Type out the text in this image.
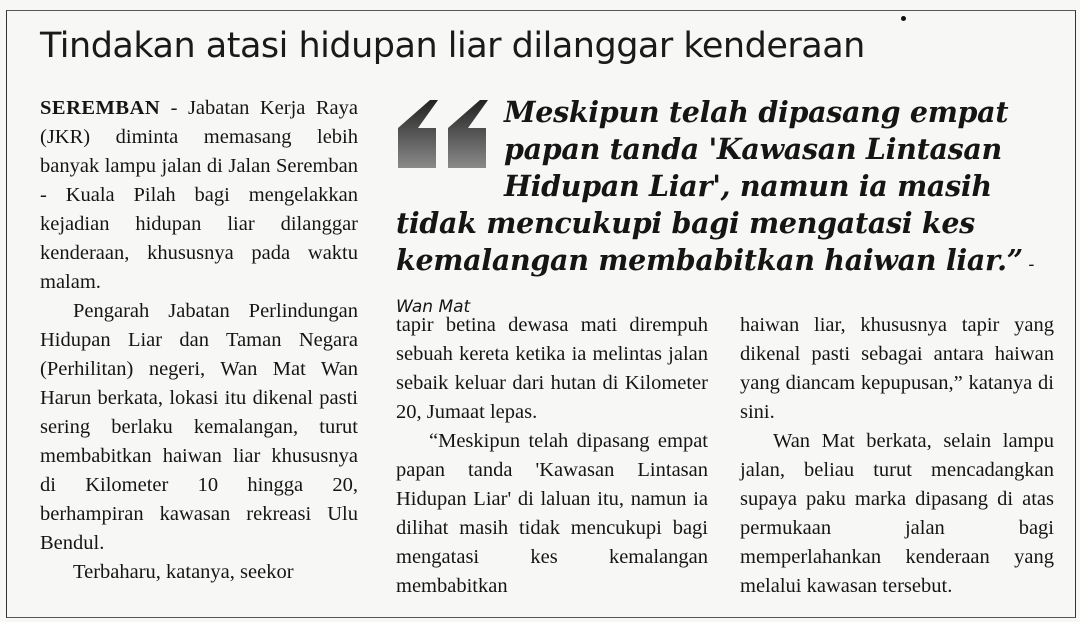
Tindakan atasi hidupan liar dilanggar kenderaan

SEREMBAN - Jabatan Kerja Raya (JKR) diminta memasang lebih banyak lampu jalan di Jalan Seremban - Kuala Pilah bagi mengelakkan kejadian hidupan liar dilanggar kenderaan, khususnya pada waktu malam.

Pengarah Jabatan Perlindungan Hidupan Liar dan Taman Negara (Perhilitan) negeri, Wan Mat Wan Harun berkata, lokasi itu dikenal pasti sering berlaku kemalangan, turut membabitkan haiwan liar khususnya di Kilometer 10 hingga 20, berhampiran kawasan rekreasi Ulu Bendul.

Terbaharu, katanya, seekor

Meskipun telah dipasang empat papan tanda 'Kawasan Lintasan Hidupan Liar', namun ia masih tidak mencukupi bagi mengatasi kes kemalangan membabitkan haiwan liar.” - Wan Mat

tapir betina dewasa mati dirempuh sebuah kereta ketika ia melintas jalan sebaik keluar dari hutan di Kilometer 20, Jumaat lepas.

“Meskipun telah dipasang empat papan tanda 'Kawasan Lintasan Hidupan Liar' di laluan itu, namun ia dilihat masih tidak mencukupi bagi mengatasi kes kemalangan membabitkan

haiwan liar, khususnya tapir yang dikenal pasti sebagai antara haiwan yang diancam kepupusan,” katanya di sini.

Wan Mat berkata, selain lampu jalan, beliau turut mencadangkan supaya paku marka dipasang di atas permukaan jalan bagi memperlahankan kenderaan yang melalui kawasan tersebut.
